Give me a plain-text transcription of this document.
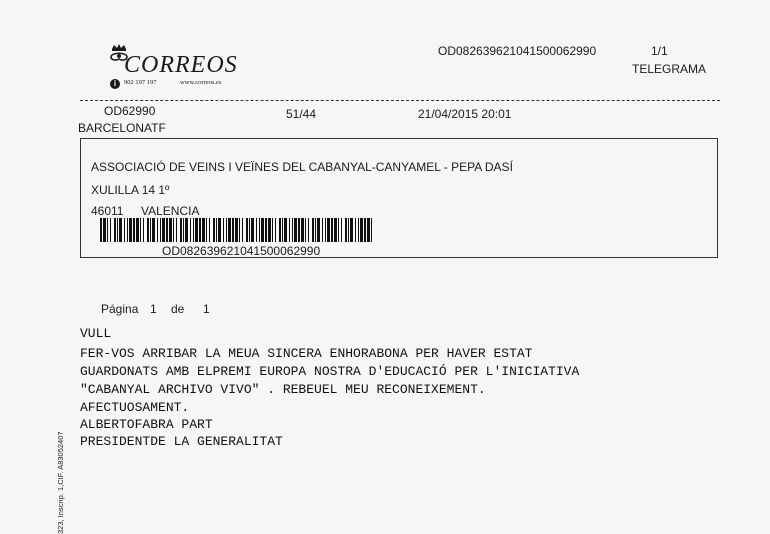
CORREOS
i	902 197 197	www.correos.es
OD082639621041500062990	1/1
TELEGRAMA
OD62990	51/44	21/04/2015 20:01
BARCELONATF
ASSOCIACIÓ DE VEINS I VEÏNES DEL CABANYAL-CANYAMEL - PEPA DASÍ
XULILLA 14 1º
46011 VALENCIA
OD082639621041500062990
Página 1 de 1
VULL
FER-VOS ARRIBAR LA MEUA SINCERA ENHORABONA PER HAVER ESTAT
GUARDONATS AMB ELPREMI EUROPA NOSTRA D'EDUCACIÓ PER L'INICIATIVA
"CABANYAL ARCHIVO VIVO" . REBEUEL MEU RECONEIXEMENT.
AFECTUOSAMENT.
ALBERTOFABRA PART
PRESIDENTDE LA GENERALITAT
323, Inscrip. 1,CIF. A83052407
